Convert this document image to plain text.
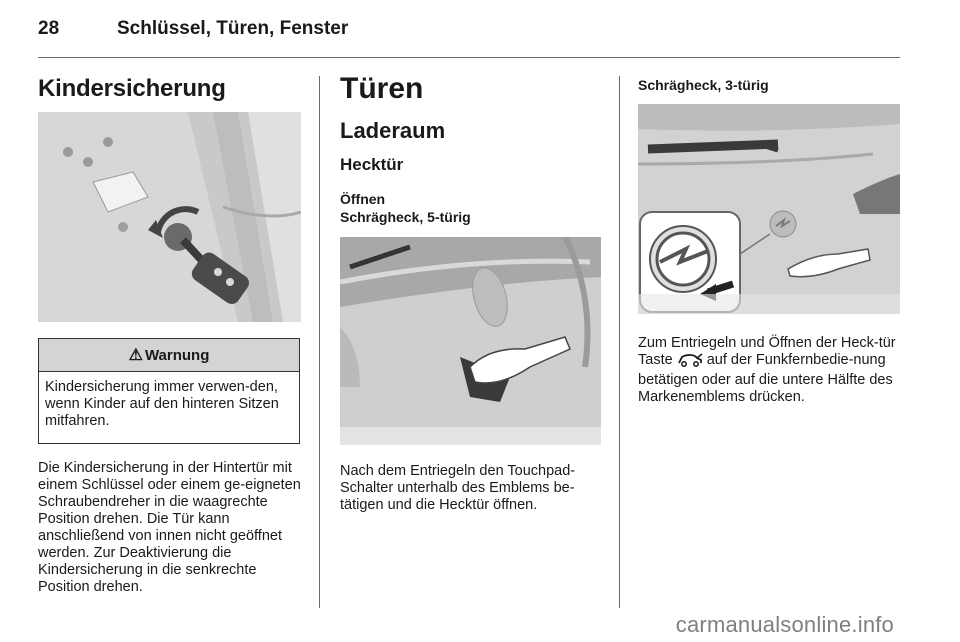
28	Schlüssel, Türen, Fenster
Kindersicherung
⚠ Warnung
Kindersicherung immer verwen-den, wenn Kinder auf den hinteren Sitzen mitfahren.
Die Kindersicherung in der Hintertür mit einem Schlüssel oder einem ge-eigneten Schraubendreher in die waagrechte Position drehen. Die Tür kann anschließend von innen nicht geöffnet werden. Zur Deaktivierung die Kindersicherung in die senkrechte Position drehen.
Türen
Laderaum
Hecktür
Öffnen
Schrägheck, 5-türig
Nach dem Entriegeln den Touchpad-Schalter unterhalb des Emblems be-tätigen und die Hecktür öffnen.
Schrägheck, 3-türig
Zum Entriegeln und Öffnen der Heck-tür Taste auf der Funkfernbedie-nung betätigen oder auf die untere Hälfte des Markenemblems drücken.
carmanualsonline.info
